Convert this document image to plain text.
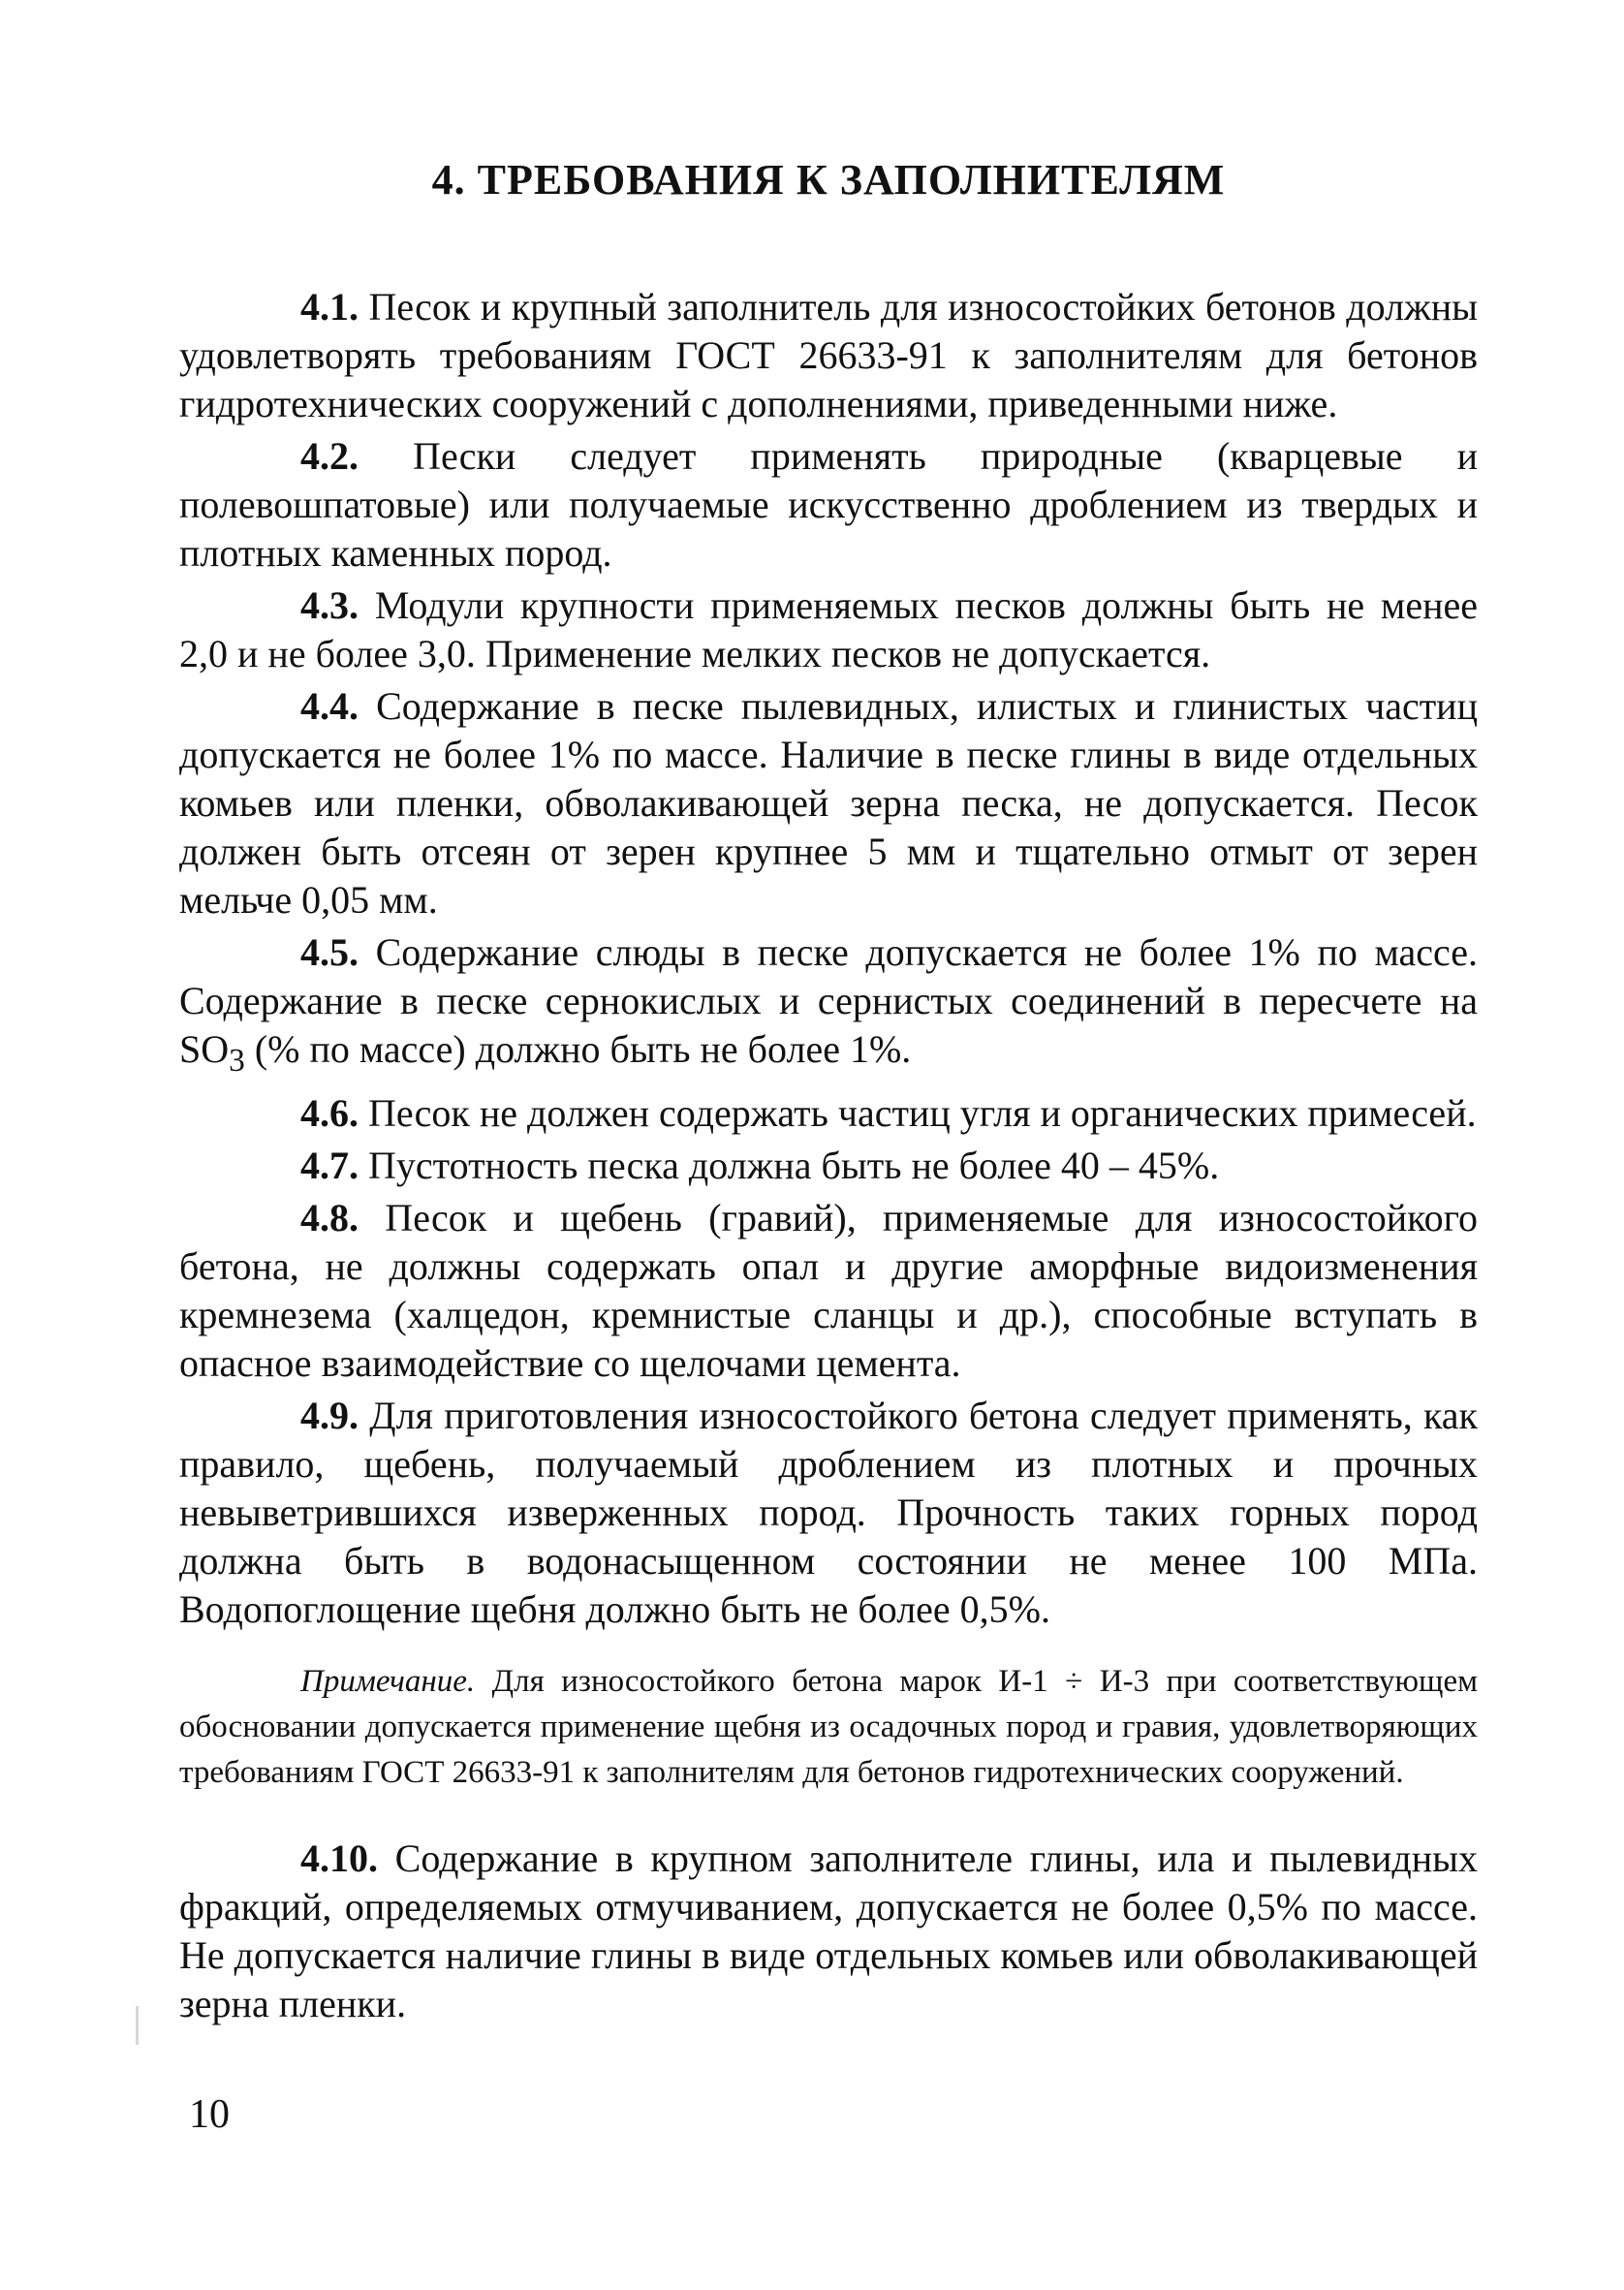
4. ТРЕБОВАНИЯ К ЗАПОЛНИТЕЛЯМ

4.1. Песок и крупный заполнитель для износостойких бетонов должны удовлетворять требованиям ГОСТ 26633-91 к заполнителям для бетонов гидротехнических сооружений с дополнениями, приведенными ниже.

4.2. Пески следует применять природные (кварцевые и полевошпатовые) или получаемые искусственно дроблением из твердых и плотных каменных пород.

4.3. Модули крупности применяемых песков должны быть не менее 2,0 и не более 3,0. Применение мелких песков не допускается.

4.4. Содержание в песке пылевидных, илистых и глинистых частиц допускается не более 1% по массе. Наличие в песке глины в виде отдельных комьев или пленки, обволакивающей зерна песка, не допускается. Песок должен быть отсеян от зерен крупнее 5 мм и тщательно отмыт от зерен мельче 0,05 мм.

4.5. Содержание слюды в песке допускается не более 1% по массе. Содержание в песке сернокислых и сернистых соединений в пересчете на $SO_3$ (% по массе) должно быть не более 1%.

4.6. Песок не должен содержать частиц угля и органических примесей.

4.7. Пустотность песка должна быть не более 40 – 45%.

4.8. Песок и щебень (гравий), применяемые для износостойкого бетона, не должны содержать опал и другие аморфные видоизменения кремнезема (халцедон, кремнистые сланцы и др.), способные вступать в опасное взаимодействие со щелочами цемента.

4.9. Для приготовления износостойкого бетона следует применять, как правило, щебень, получаемый дроблением из плотных и прочных невыветрившихся изверженных пород. Прочность таких горных пород должна быть в водонасыщенном состоянии не менее 100 МПа. Водопоглощение щебня должно быть не более 0,5%.

Примечание. Для износостойкого бетона марок И-1 ÷ И-3 при соответствующем обосновании допускается применение щебня из осадочных пород и гравия, удовлетворяющих требованиям ГОСТ 26633-91 к заполнителям для бетонов гидротехнических сооружений.

4.10. Содержание в крупном заполнителе глины, ила и пылевидных фракций, определяемых отмучиванием, допускается не более 0,5% по массе. Не допускается наличие глины в виде отдельных комьев или обволакивающей зерна пленки.

10
